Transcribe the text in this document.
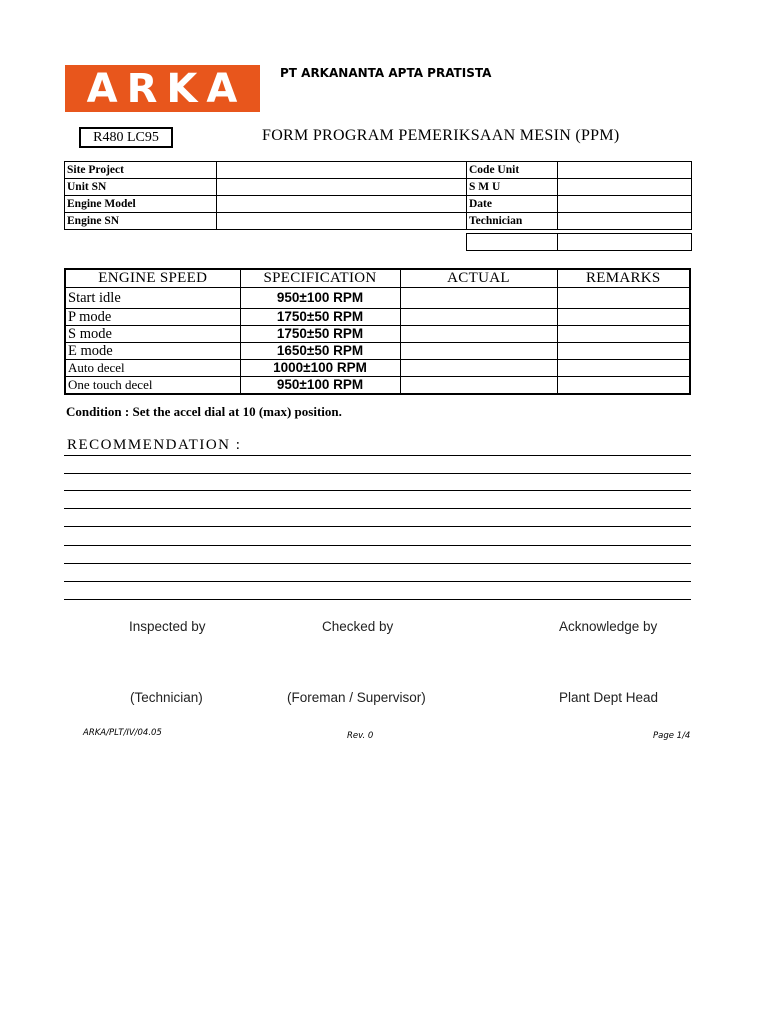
ARKA	PT ARKANANTA APTA PRATISTA
R480 LC95	FORM PROGRAM PEMERIKSAAN MESIN (PPM)
Site Project		Code Unit	
Unit SN		S M U	
Engine Model		Date	
Engine SN		Technician	

ENGINE SPEED	SPECIFICATION	ACTUAL	REMARKS
Start idle	950±100 RPM		
P mode	1750±50 RPM		
S mode	1750±50 RPM		
E mode	1650±50 RPM		
Auto decel	1000±100 RPM		
One touch decel	950±100 RPM		
Condition : Set the accel dial at 10 (max) position.
RECOMMENDATION :
Inspected by	Checked by	Acknowledge by
(Technician)	(Foreman / Supervisor)	Plant Dept Head
ARKA/PLT/IV/04.05	Rev. 0	Page 1/4
